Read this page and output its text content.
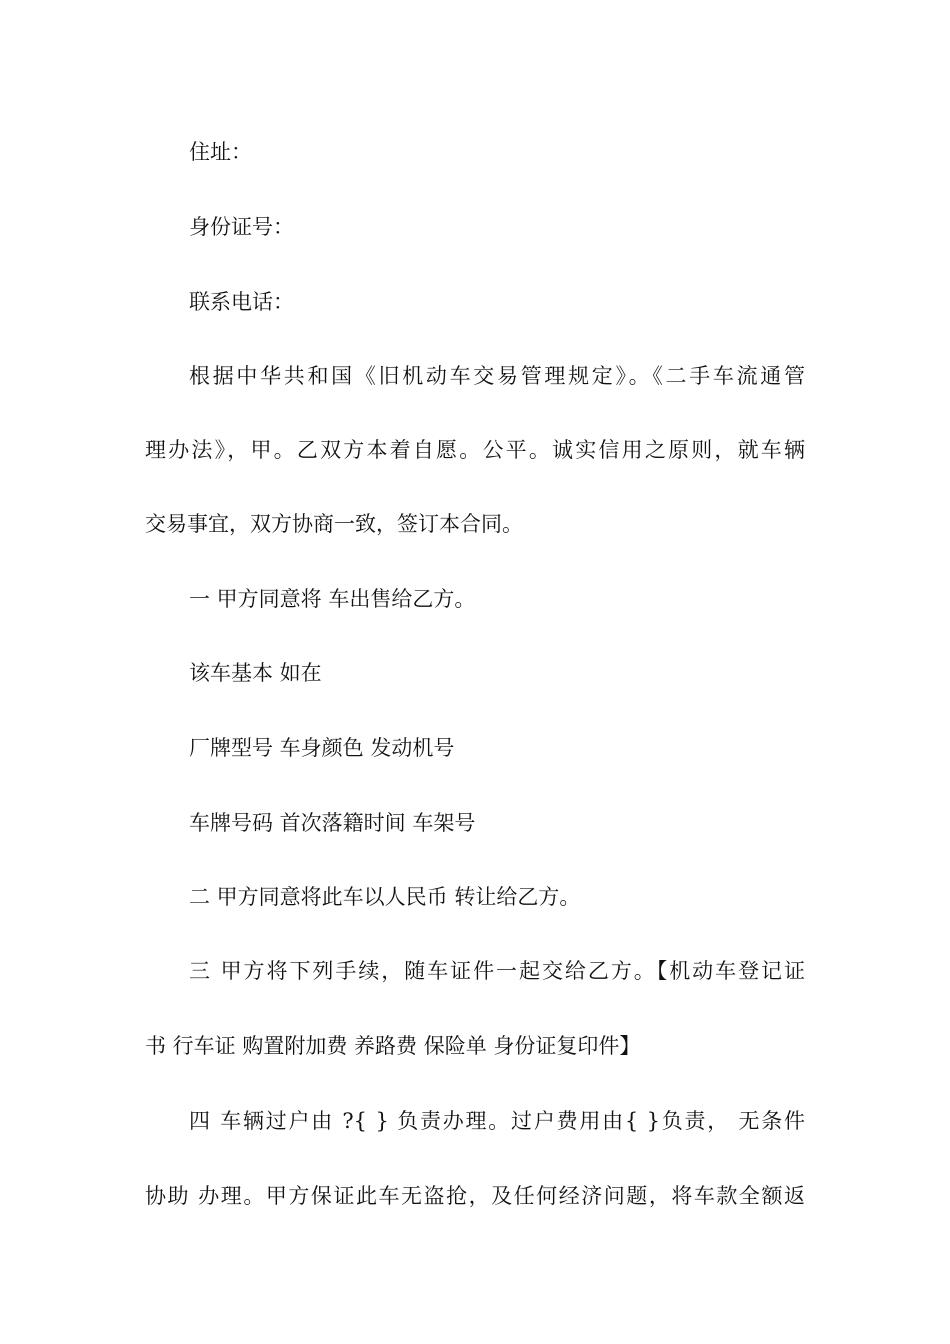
住址：
身份证号：
联系电话：
根据中华共和国《旧机动车交易管理规定》。《二手车流通管
理办法》，甲。乙双方本着自愿。公平。诚实信用之原则，就车辆
交易事宜，双方协商一致，签订本合同。
一 甲方同意将 车出售给乙方。
该车基本 如在
厂牌型号 车身颜色 发动机号
车牌号码 首次落籍时间 车架号
二 甲方同意将此车以人民币 转让给乙方。
三 甲方将下列手续，随车证件一起交给乙方。【机动车登记证
书 行车证 购置附加费 养路费 保险单 身份证复印件】
四 车辆过户由 ?{ } 负责办理。过户费用由{ }负责， 无条件
协助 办理。甲方保证此车无盗抢，及任何经济问题，将车款全额返
